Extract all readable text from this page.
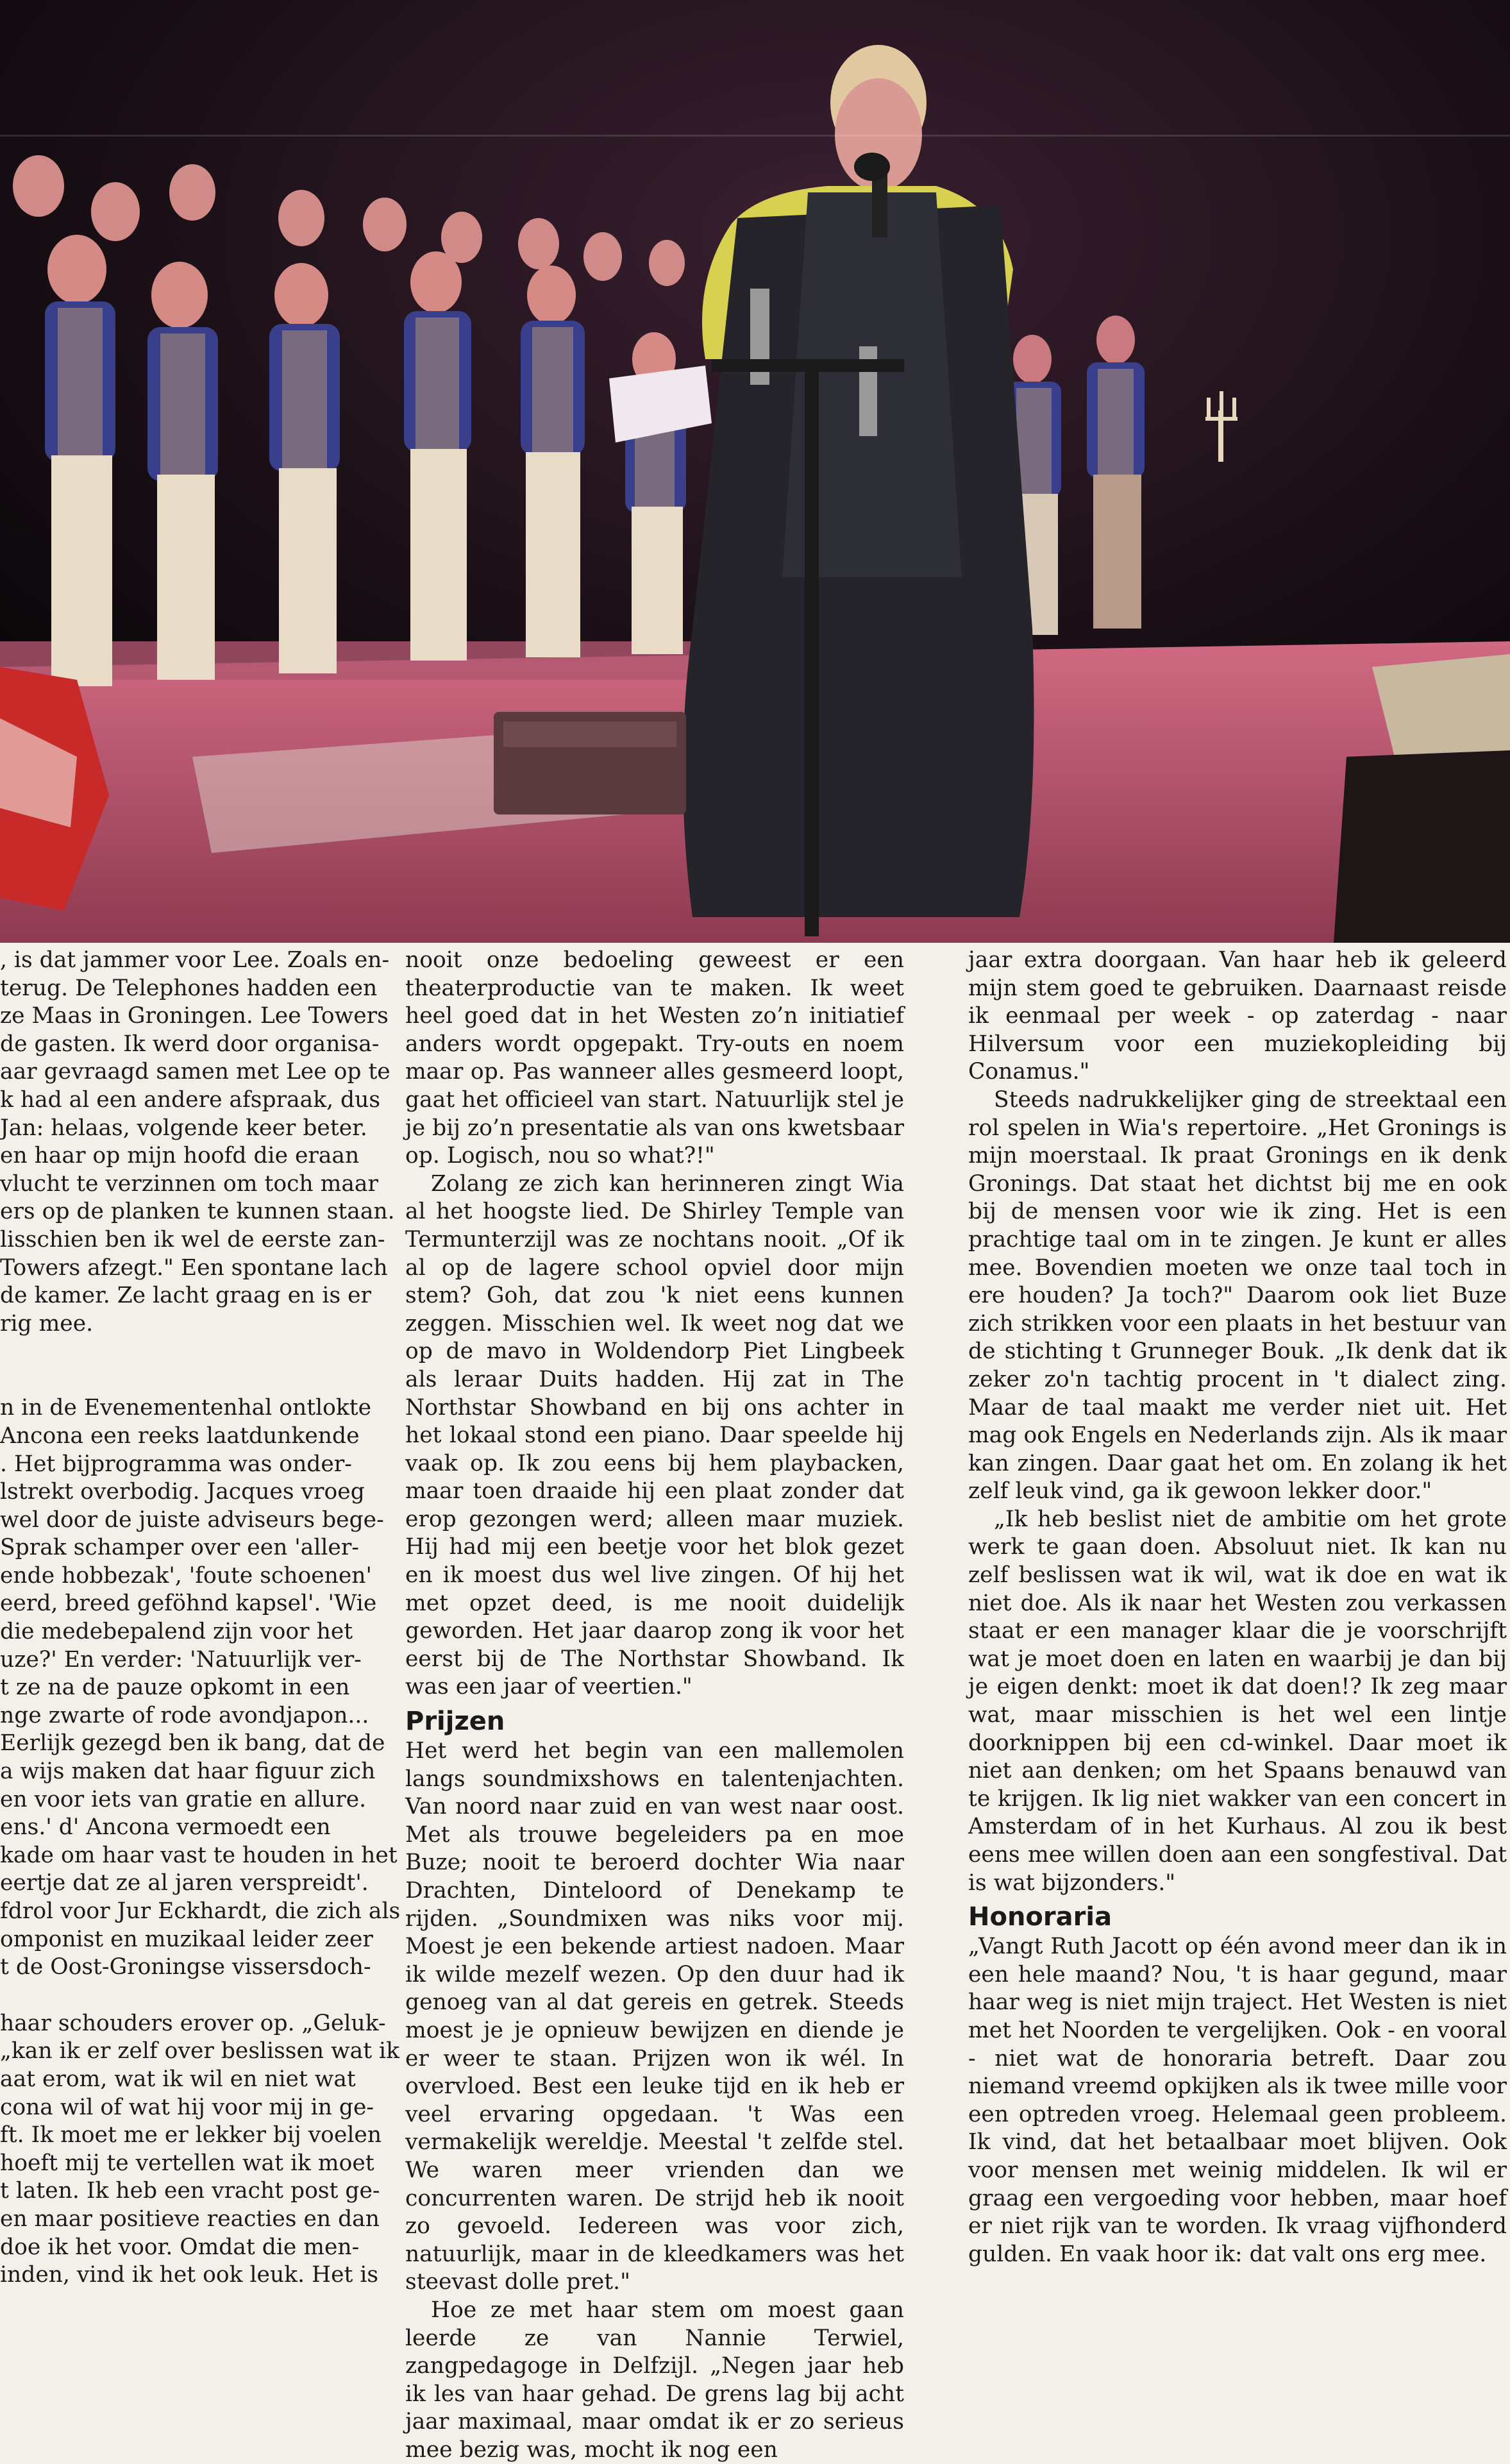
, is dat jammer voor Lee. Zoals en-

terug. De Telephones hadden een

ze Maas in Groningen. Lee Towers

de gasten. Ik werd door organisa-

aar gevraagd samen met Lee op te

k had al een andere afspraak, dus

Jan: helaas, volgende keer beter.

en haar op mijn hoofd die eraan

vlucht te verzinnen om toch maar

ers op de planken te kunnen staan.

lisschien ben ik wel de eerste zan-

Towers afzegt." Een spontane lach

de kamer. Ze lacht graag en is er

rig mee.

n in de Evenementenhal ontlokte

Ancona een reeks laatdunkende

. Het bijprogramma was onder-

lstrekt overbodig. Jacques vroeg

wel door de juiste adviseurs bege-

Sprak schamper over een 'aller-

ende hobbezak', 'foute schoenen'

eerd, breed geföhnd kapsel'. 'Wie

die medebepalend zijn voor het

uze?' En verder: 'Natuurlijk ver-

t ze na de pauze opkomt in een

nge zwarte of rode avondjapon...

Eerlijk gezegd ben ik bang, dat de

a wijs maken dat haar figuur zich

en voor iets van gratie en allure.

ens.' d' Ancona vermoedt een

kade om haar vast te houden in het

eertje dat ze al jaren verspreidt'.

fdrol voor Jur Eckhardt, die zich als

omponist en muzikaal leider zeer

t de Oost-Groningse vissersdoch-

haar schouders erover op. „Geluk-

„kan ik er zelf over beslissen wat ik

aat erom, wat ik wil en niet wat

cona wil of wat hij voor mij in ge-

ft. Ik moet me er lekker bij voelen

hoeft mij te vertellen wat ik moet

t laten. Ik heb een vracht post ge-

en maar positieve reacties en dan

doe ik het voor. Omdat die men-

inden, vind ik het ook leuk. Het is

nooit onze bedoeling geweest er een theaterproductie van te maken. Ik weet heel goed dat in het Westen zo’n initiatief anders wordt opgepakt. Try-outs en noem maar op. Pas wanneer alles gesmeerd loopt, gaat het officieel van start. Natuurlijk stel je je bij zo’n presentatie als van ons kwetsbaar op. Logisch, nou so what?!"

Zolang ze zich kan herinneren zingt Wia al het hoogste lied. De Shirley Temple van Termunterzijl was ze nochtans nooit. „Of ik al op de lagere school opviel door mijn stem? Goh, dat zou 'k niet eens kunnen zeggen. Misschien wel. Ik weet nog dat we op de mavo in Woldendorp Piet Lingbeek als leraar Duits hadden. Hij zat in The Northstar Showband en bij ons achter in het lokaal stond een piano. Daar speelde hij vaak op. Ik zou eens bij hem playbacken, maar toen draaide hij een plaat zonder dat erop gezongen werd; alleen maar muziek. Hij had mij een beetje voor het blok gezet en ik moest dus wel live zingen. Of hij het met opzet deed, is me nooit duidelijk geworden. Het jaar daarop zong ik voor het eerst bij de The Northstar Showband. Ik was een jaar of veertien."

Prijzen

Het werd het begin van een mallemolen langs soundmixshows en talentenjachten. Van noord naar zuid en van west naar oost. Met als trouwe begeleiders pa en moe Buze; nooit te beroerd dochter Wia naar Drachten, Dinteloord of Denekamp te rijden. „Soundmixen was niks voor mij. Moest je een bekende artiest nadoen. Maar ik wilde mezelf wezen. Op den duur had ik genoeg van al dat gereis en getrek. Steeds moest je je opnieuw bewijzen en diende je er weer te staan. Prijzen won ik wél. In overvloed. Best een leuke tijd en ik heb er veel ervaring opgedaan. 't Was een vermakelijk wereldje. Meestal 't zelfde stel. We waren meer vrienden dan we concurrenten waren. De strijd heb ik nooit zo gevoeld. Iedereen was voor zich, natuurlijk, maar in de kleedkamers was het steevast dolle pret."

Hoe ze met haar stem om moest gaan leerde ze van Nannie Terwiel, zangpedagoge in Delfzijl. „Negen jaar heb ik les van haar gehad. De grens lag bij acht jaar maximaal, maar omdat ik er zo serieus mee bezig was, mocht ik nog een

jaar extra doorgaan. Van haar heb ik geleerd mijn stem goed te gebruiken. Daarnaast reisde ik eenmaal per week - op zaterdag - naar Hilversum voor een muziekopleiding bij Conamus."

Steeds nadrukkelijker ging de streektaal een rol spelen in Wia's repertoire. „Het Gronings is mijn moerstaal. Ik praat Gronings en ik denk Gronings. Dat staat het dichtst bij me en ook bij de mensen voor wie ik zing. Het is een prachtige taal om in te zingen. Je kunt er alles mee. Bovendien moeten we onze taal toch in ere houden? Ja toch?" Daarom ook liet Buze zich strikken voor een plaats in het bestuur van de stichting t Grunneger Bouk. „Ik denk dat ik zeker zo'n tachtig procent in 't dialect zing. Maar de taal maakt me verder niet uit. Het mag ook Engels en Nederlands zijn. Als ik maar kan zingen. Daar gaat het om. En zolang ik het zelf leuk vind, ga ik gewoon lekker door."

„Ik heb beslist niet de ambitie om het grote werk te gaan doen. Absoluut niet. Ik kan nu zelf beslissen wat ik wil, wat ik doe en wat ik niet doe. Als ik naar het Westen zou verkassen staat er een manager klaar die je voorschrijft wat je moet doen en laten en waarbij je dan bij je eigen denkt: moet ik dat doen!? Ik zeg maar wat, maar misschien is het wel een lintje doorknippen bij een cd-winkel. Daar moet ik niet aan denken; om het Spaans benauwd van te krijgen. Ik lig niet wakker van een concert in Amsterdam of in het Kurhaus. Al zou ik best eens mee willen doen aan een songfestival. Dat is wat bijzonders."

Honoraria

„Vangt Ruth Jacott op één avond meer dan ik in een hele maand? Nou, 't is haar gegund, maar haar weg is niet mijn traject. Het Westen is niet met het Noorden te vergelijken. Ook - en vooral - niet wat de honoraria betreft. Daar zou niemand vreemd opkijken als ik twee mille voor een optreden vroeg. Helemaal geen probleem. Ik vind, dat het betaalbaar moet blijven. Ook voor mensen met weinig middelen. Ik wil er graag een vergoeding voor hebben, maar hoef er niet rijk van te worden. Ik vraag vijfhonderd gulden. En vaak hoor ik: dat valt ons erg mee.
